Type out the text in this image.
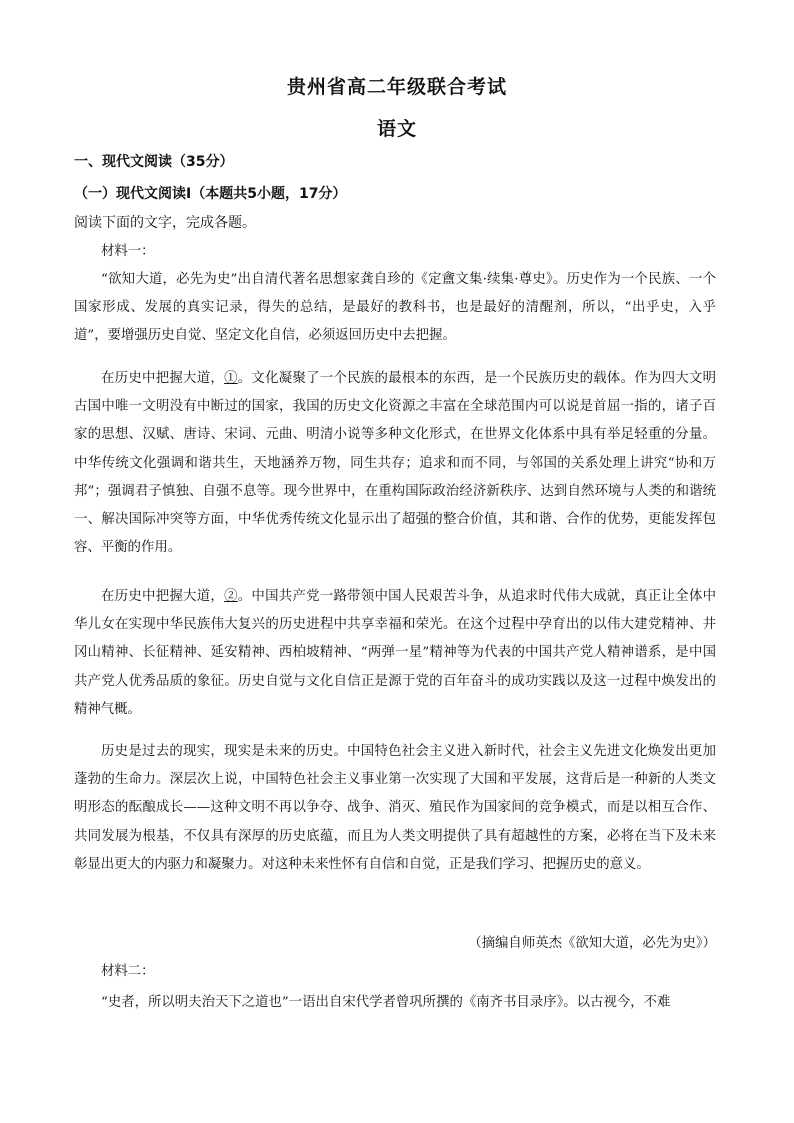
贵州省高二年级联合考试
语文
一、现代文阅读（35分）
（一）现代文阅读Ⅰ（本题共5小题，17分）
阅读下面的文字，完成各题。

材料一：

“欲知大道，必先为史”出自清代著名思想家龚自珍的《定盦文集·续集·尊史》。历史作为一个民族、一个国家形成、发展的真实记录，得失的总结，是最好的教科书，也是最好的清醒剂，所以，“出乎史，入乎道”，要增强历史自觉、坚定文化自信，必须返回历史中去把握。

在历史中把握大道，①。文化凝聚了一个民族的最根本的东西，是一个民族历史的载体。作为四大文明古国中唯一文明没有中断过的国家，我国的历史文化资源之丰富在全球范围内可以说是首屈一指的，诸子百家的思想、汉赋、唐诗、宋词、元曲、明清小说等多种文化形式，在世界文化体系中具有举足轻重的分量。中华传统文化强调和谐共生，天地涵养万物，同生共存；追求和而不同，与邻国的关系处理上讲究“协和万邦”；强调君子慎独、自强不息等。现今世界中，在重构国际政治经济新秩序、达到自然环境与人类的和谐统一、解决国际冲突等方面，中华优秀传统文化显示出了超强的整合价值，其和谐、合作的优势，更能发挥包容、平衡的作用。

在历史中把握大道，②。中国共产党一路带领中国人民艰苦斗争，从追求时代伟大成就，真正让全体中华儿女在实现中华民族伟大复兴的历史进程中共享幸福和荣光。在这个过程中孕育出的以伟大建党精神、井冈山精神、长征精神、延安精神、西柏坡精神、“两弹一星”精神等为代表的中国共产党人精神谱系，是中国共产党人优秀品质的象征。历史自觉与文化自信正是源于党的百年奋斗的成功实践以及这一过程中焕发出的精神气概。

历史是过去的现实，现实是未来的历史。中国特色社会主义进入新时代，社会主义先进文化焕发出更加蓬勃的生命力。深层次上说，中国特色社会主义事业第一次实现了大国和平发展，这背后是一种新的人类文明形态的酝酿成长——这种文明不再以争夺、战争、消灭、殖民作为国家间的竞争模式，而是以相互合作、共同发展为根基，不仅具有深厚的历史底蕴，而且为人类文明提供了具有超越性的方案，必将在当下及未来彰显出更大的内驱力和凝聚力。对这种未来性怀有自信和自觉，正是我们学习、把握历史的意义。

（摘编自师英杰《欲知大道，必先为史》）

材料二：

“史者，所以明夫治天下之道也”一语出自宋代学者曾巩所撰的《南齐书目录序》。以古视今，不难
